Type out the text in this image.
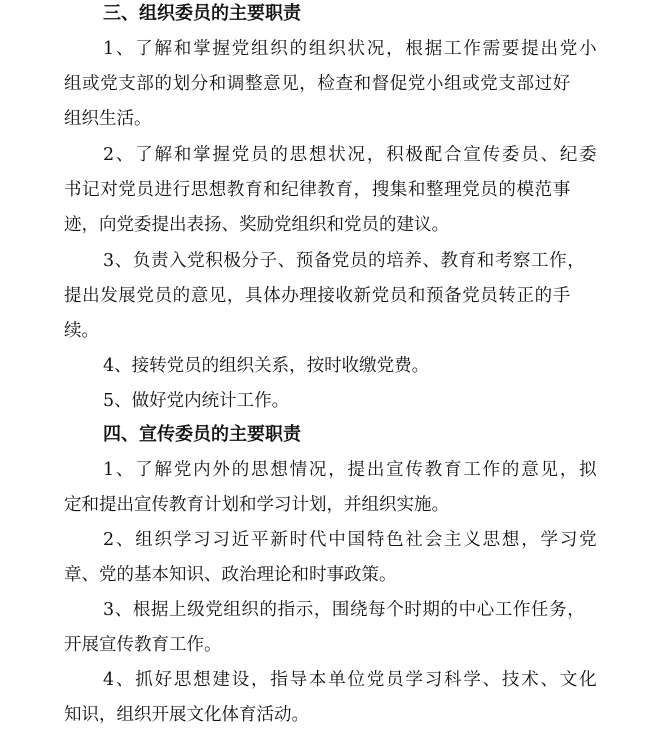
三、组织委员的主要职责
1、了解和掌握党组织的组织状况，根据工作需要提出党小
组或党支部的划分和调整意见，检查和督促党小组或党支部过好
组织生活。
2、了解和掌握党员的思想状况，积极配合宣传委员、纪委
书记对党员进行思想教育和纪律教育，搜集和整理党员的模范事
迹，向党委提出表扬、奖励党组织和党员的建议。
3、负责入党积极分子、预备党员的培养、教育和考察工作，
提出发展党员的意见，具体办理接收新党员和预备党员转正的手
续。
4、接转党员的组织关系，按时收缴党费。
5、做好党内统计工作。
四、宣传委员的主要职责
1、了解党内外的思想情况，提出宣传教育工作的意见，拟
定和提出宣传教育计划和学习计划，并组织实施。
2、组织学习习近平新时代中国特色社会主义思想，学习党
章、党的基本知识、政治理论和时事政策。
3、根据上级党组织的指示，围绕每个时期的中心工作任务，
开展宣传教育工作。
4、抓好思想建设，指导本单位党员学习科学、技术、文化
知识，组织开展文化体育活动。
